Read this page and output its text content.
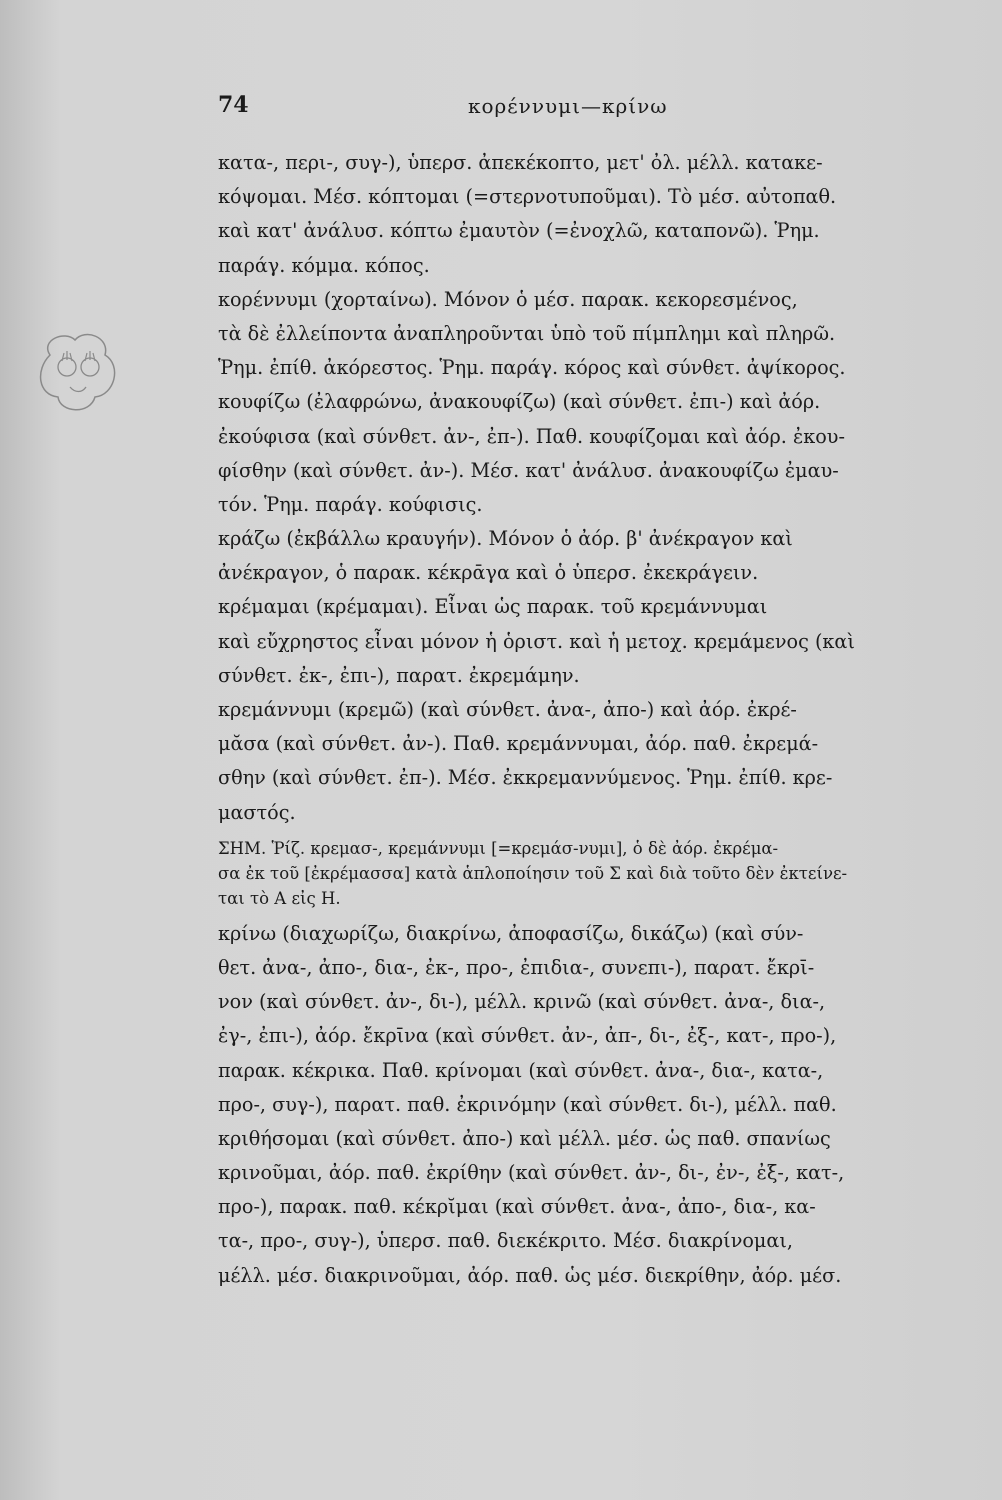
74	κορέννυμι—κρίνω
κατα-, περι-, συγ-), ὑπερσ. ἀπεκέκοπτο, μετ' ὀλ. μέλλ. κατακε-
κόψομαι. Μέσ. κόπτομαι (=στερνοτυποῦμαι). Τὸ μέσ. αὐτοπαθ.
καὶ κατ' ἀνάλυσ. κόπτω ἐμαυτὸν (=ἐνοχλῶ, καταπονῶ). Ῥημ.
παράγ. κόμμα. κόπος.
κορέννυμι (χορταίνω). Μόνον ὁ μέσ. παρακ. κεκορεσμένος,
τὰ δὲ ἐλλείποντα ἀναπληροῦνται ὑπὸ τοῦ πίμπλημι καὶ πληρῶ.
Ῥημ. ἐπίθ. ἀκόρεστος. Ῥημ. παράγ. κόρος καὶ σύνθετ. ἀψίκορος.
κουφίζω (ἐλαφρώνω, ἀνακουφίζω) (καὶ σύνθετ. ἐπι-) καὶ ἀόρ.
ἐκούφισα (καὶ σύνθετ. ἀν-, ἐπ-). Παθ. κουφίζομαι καὶ ἀόρ. ἐκου-
φίσθην (καὶ σύνθετ. ἀν-). Μέσ. κατ' ἀνάλυσ. ἀνακουφίζω ἐμαυ-
τόν. Ῥημ. παράγ. κούφισις.
κράζω (ἐκβάλλω κραυγήν). Μόνον ὁ ἀόρ. β' ἀνέκραγον καὶ
ἀνέκραγον, ὁ παρακ. κέκρᾱγα καὶ ὁ ὑπερσ. ἐκεκράγειν.
κρέμαμαι (κρέμαμαι). Εἶναι ὡς παρακ. τοῦ κρεμάννυμαι
καὶ εὔχρηστος εἶναι μόνον ἡ ὁριστ. καὶ ἡ μετοχ. κρεμάμενος (καὶ
σύνθετ. ἐκ-, ἐπι-), παρατ. ἐκρεμάμην.
κρεμάννυμι (κρεμῶ) (καὶ σύνθετ. ἀνα-, ἀπο-) καὶ ἀόρ. ἐκρέ-
μᾰσα (καὶ σύνθετ. ἀν-). Παθ. κρεμάννυμαι, ἀόρ. παθ. ἐκρεμά-
σθην (καὶ σύνθετ. ἐπ-). Μέσ. ἐκκρεμαννύμενος. Ῥημ. ἐπίθ. κρε-
μαστός.
ΣΗΜ. Ῥίζ. κρεμασ-, κρεμάννυμι [=κρεμάσ-νυμι], ὁ δὲ ἀόρ. ἐκρέμα-
σα ἐκ τοῦ [ἐκρέμασσα] κατὰ ἁπλοποίησιν τοῦ Σ καὶ διὰ τοῦτο δὲν ἐκτείνε-
ται τὸ Α εἰς Η.
κρίνω (διαχωρίζω, διακρίνω, ἀποφασίζω, δικάζω) (καὶ σύν-
θετ. ἀνα-, ἀπο-, δια-, ἐκ-, προ-, ἐπιδια-, συνεπι-), παρατ. ἔκρῑ-
νον (καὶ σύνθετ. ἀν-, δι-), μέλλ. κρινῶ (καὶ σύνθετ. ἀνα-, δια-,
ἐγ-, ἐπι-), ἀόρ. ἔκρῑνα (καὶ σύνθετ. ἀν-, ἀπ-, δι-, ἐξ-, κατ-, προ-),
παρακ. κέκρικα. Παθ. κρίνομαι (καὶ σύνθετ. ἀνα-, δια-, κατα-,
προ-, συγ-), παρατ. παθ. ἐκρινόμην (καὶ σύνθετ. δι-), μέλλ. παθ.
κριθήσομαι (καὶ σύνθετ. ἀπο-) καὶ μέλλ. μέσ. ὡς παθ. σπανίως
κρινοῦμαι, ἀόρ. παθ. ἐκρίθην (καὶ σύνθετ. ἀν-, δι-, ἐν-, ἐξ-, κατ-,
προ-), παρακ. παθ. κέκρῐμαι (καὶ σύνθετ. ἀνα-, ἀπο-, δια-, κα-
τα-, προ-, συγ-), ὑπερσ. παθ. διεκέκριτο. Μέσ. διακρίνομαι,
μέλλ. μέσ. διακρινοῦμαι, ἀόρ. παθ. ὡς μέσ. διεκρίθην, ἀόρ. μέσ.
